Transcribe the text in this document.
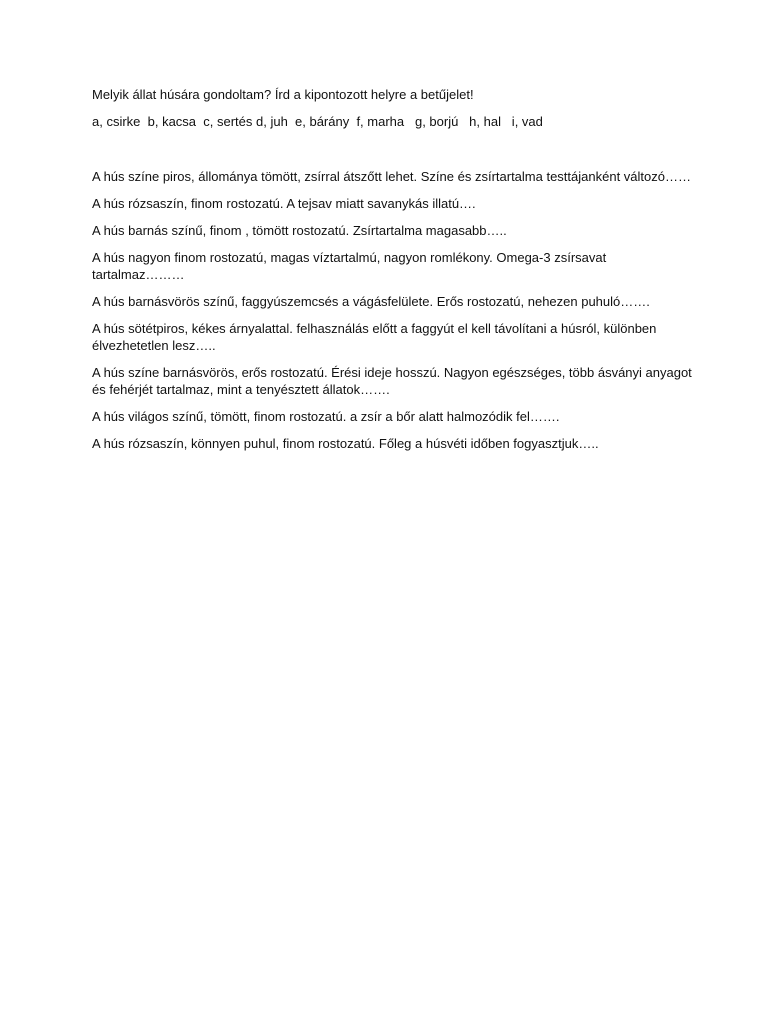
Melyik állat húsára gondoltam? Írd a kipontozott helyre a betűjelet!

a, csirke  b, kacsa  c, sertés d, juh  e, bárány  f, marha   g, borjú   h, hal   i, vad

A hús színe piros, állománya tömött, zsírral átszőtt lehet. Színe és zsírtartalma testtájanként változó……

A hús rózsaszín, finom rostozatú. A tejsav miatt savanykás illatú….

A hús barnás színű, finom , tömött rostozatú. Zsírtartalma magasabb…..

A hús nagyon finom rostozatú, magas víztartalmú, nagyon romlékony. Omega-3 zsírsavat tartalmaz………

A hús barnásvörös színű, faggyúszemcsés a vágásfelülete. Erős rostozatú, nehezen puhuló…….

A hús sötétpiros, kékes árnyalattal. felhasználás előtt a faggyút el kell távolítani a húsról, különben élvezhetetlen lesz…..

A hús színe barnásvörös, erős rostozatú. Érési ideje hosszú. Nagyon egészséges, több ásványi anyagot és fehérjét tartalmaz, mint a tenyésztett állatok…….

A hús világos színű, tömött, finom rostozatú. a zsír a bőr alatt halmozódik fel…….

A hús rózsaszín, könnyen puhul, finom rostozatú. Főleg a húsvéti időben fogyasztjuk…..
